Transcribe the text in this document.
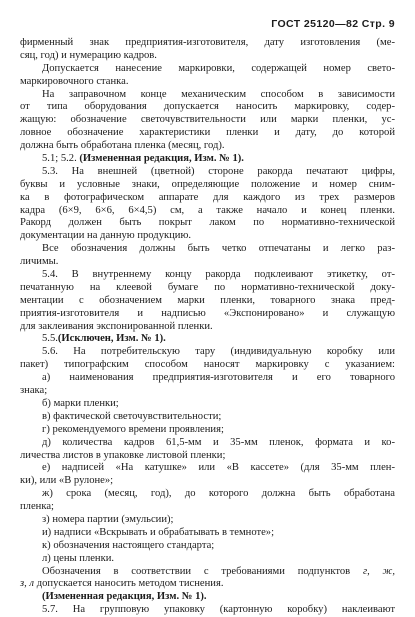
ГОСТ 25120—82 Стр. 9
фирменный знак предприятия-изготовителя, дату изготовления (ме-
сяц, год) и нумерацию кадров.
Допускается нанесение маркировки, содержащей номер свето-
маркировочного станка.
На заправочном конце механическим способом в зависимости
от типа оборудования допускается наносить маркировку, содер-
жащую: обозначение светочувствительности или марки пленки, ус-
ловное обозначение характеристики пленки и дату, до которой
должна быть обработана пленка (месяц, год).
5.1; 5.2. (Измененная редакция, Изм. № 1).
5.3. На внешней (цветной) стороне ракорда печатают цифры,
буквы и условные знаки, определяющие положение и номер сним-
ка в фотографическом аппарате для каждого из трех размеров
кадра (6×9, 6×6, 6×4,5) см, а также начало и конец пленки.
Ракорд должен быть покрыт лаком по нормативно-технической
документации на данную продукцию.
Все обозначения должны быть четко отпечатаны и легко раз-
личимы.
5.4. В внутреннему концу ракорда подклеивают этикетку, от-
печатанную на клеевой бумаге по нормативно-технической доку-
ментации с обозначением марки пленки, товарного знака пред-
приятия-изготовителя и надписью «Экспонировано» и служащую
для заклеивания экспонированной пленки.
5.5.(Исключен, Изм. № 1).
5.6. На потребительскую тару (индивидуальную коробку или
пакет) типографским способом наносят маркировку с указанием:
а) наименования предприятия-изготовителя и его товарного
знака;
б) марки пленки;
в) фактической светочувствительности;
г) рекомендуемого времени проявления;
д) количества кадров 61,5-мм и 35-мм пленок, формата и ко-
личества листов в упаковке листовой пленки;
е) надписей «На катушке» или «В кассете» (для 35-мм плен-
ки), или «В рулоне»;
ж) срока (месяц, год), до которого должна быть обработана
пленка;
з) номера партии (эмульсии);
и) надписи «Вскрывать и обрабатывать в темноте»;
к) обозначения настоящего стандарта;
л) цены пленки.
Обозначения в соответствии с требованиями подпунктов г, ж,
з, л допускается наносить методом тиснения.
(Измененная редакция, Изм. № 1).
5.7. На групповую упаковку (картонную коробку) наклеивают
